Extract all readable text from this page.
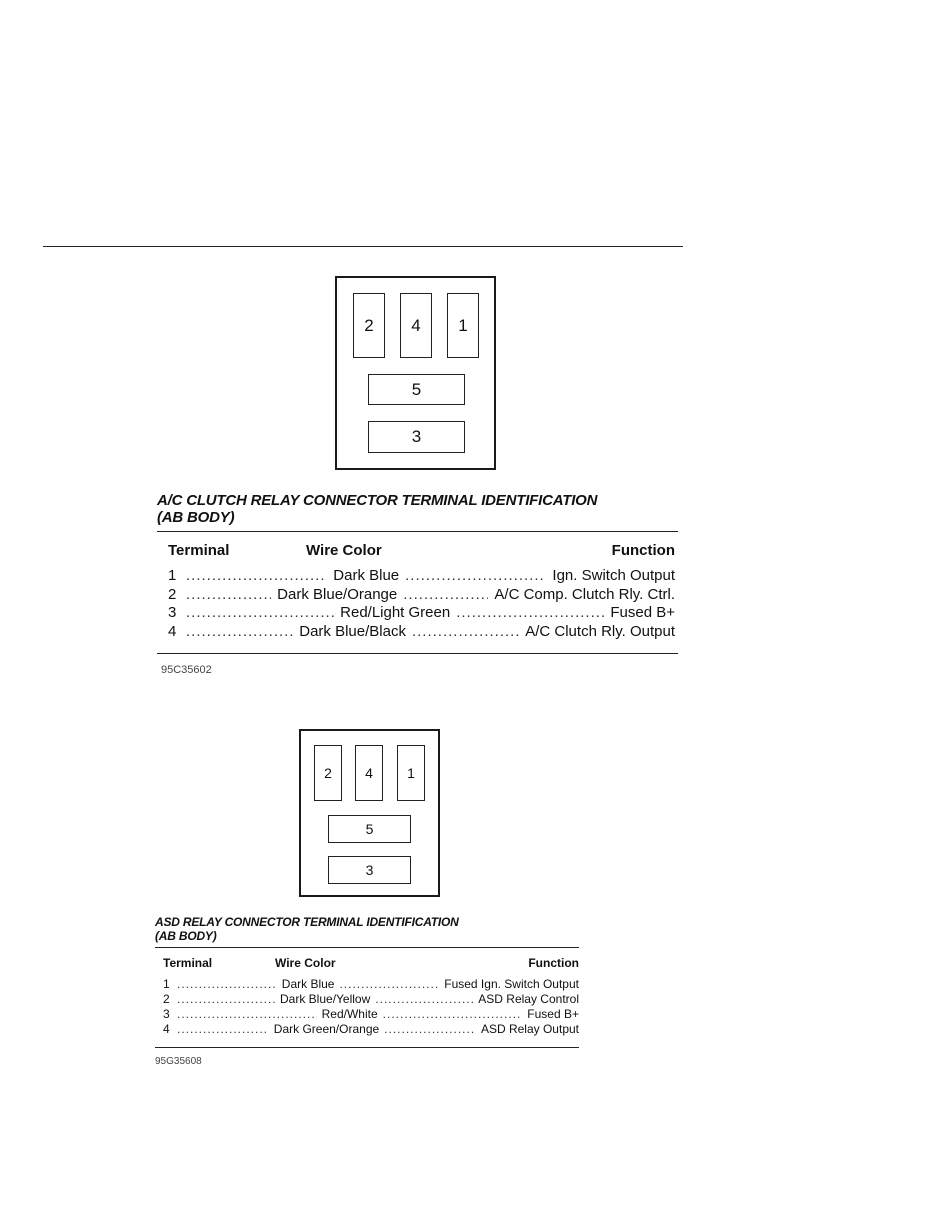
2 4 1
5
3
A/C CLUTCH RELAY CONNECTOR TERMINAL IDENTIFICATION
(AB BODY)
Terminal	Wire Color	Function
1 .....	Dark Blue .....	Ign. Switch Output
2 .....	Dark Blue/Orange .....	A/C Comp. Clutch Rly. Ctrl.
3 .....	Red/Light Green .....	Fused B+
4 .....	Dark Blue/Black .....	A/C Clutch Rly. Output
95C35602
2 4 1
5
3
ASD RELAY CONNECTOR TERMINAL IDENTIFICATION
(AB BODY)
Terminal	Wire Color	Function
1 .....	Dark Blue .....	Fused Ign. Switch Output
2 .....	Dark Blue/Yellow .....	ASD Relay Control
3 .....	Red/White .....	Fused B+
4 .....	Dark Green/Orange .....	ASD Relay Output
95G35608
